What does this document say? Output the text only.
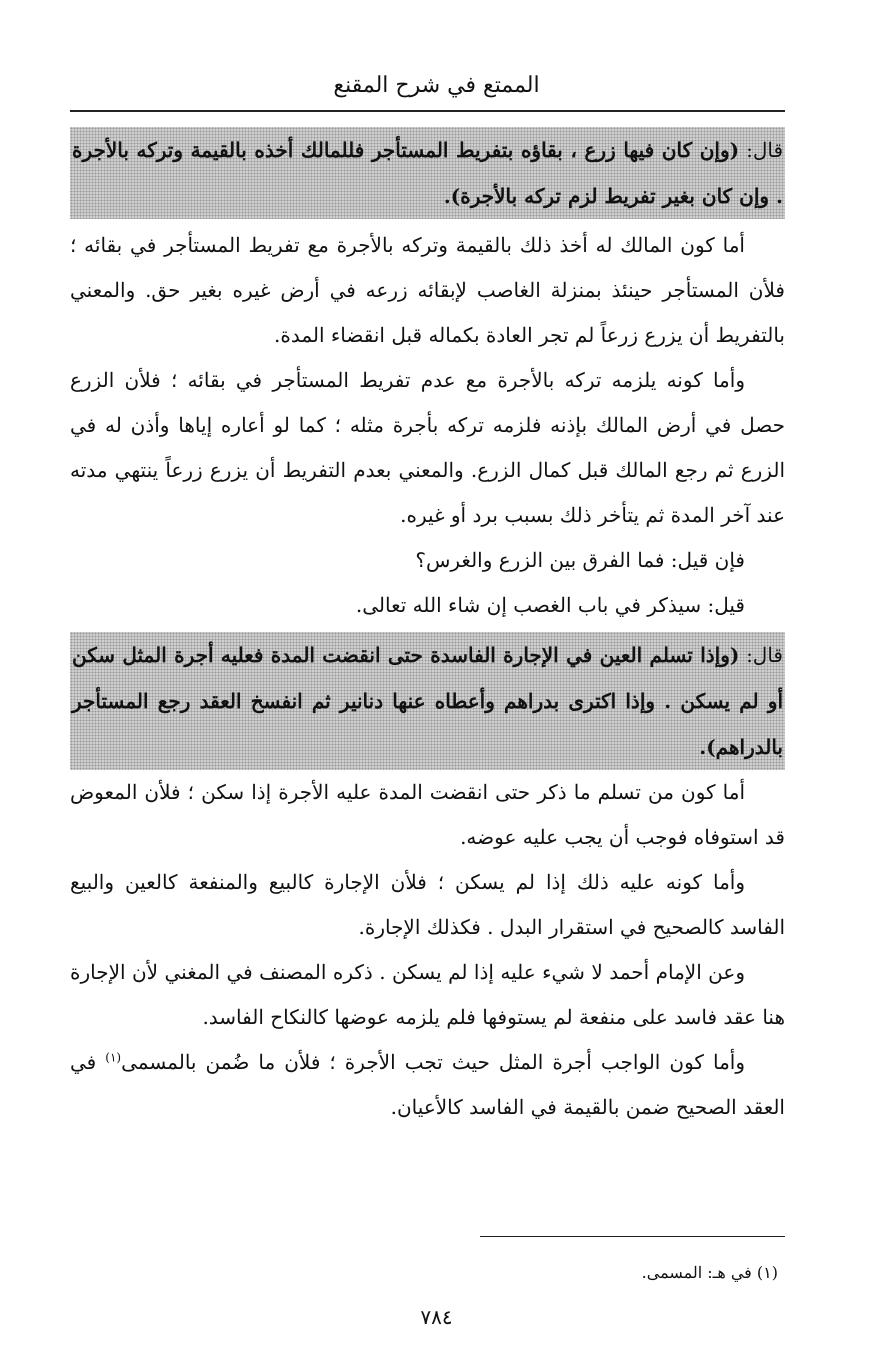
الممتع في شرح المقنع
قال: (وإن كان فيها زرع ، بقاؤه بتفريط المستأجر فللمالك أخذه بالقيمة وتركه بالأجرة . وإن كان بغير تفريط لزم تركه بالأجرة).

أما كون المالك له أخذ ذلك بالقيمة وتركه بالأجرة مع تفريط المستأجر في بقائه ؛ فلأن المستأجر حينئذ بمنزلة الغاصب لإبقائه زرعه في أرض غيره بغير حق. والمعني بالتفريط أن يزرع زرعاً لم تجر العادة بكماله قبل انقضاء المدة.

وأما كونه يلزمه تركه بالأجرة مع عدم تفريط المستأجر في بقائه ؛ فلأن الزرع حصل في أرض المالك بإذنه فلزمه تركه بأجرة مثله ؛ كما لو أعاره إياها وأذن له في الزرع ثم رجع المالك قبل كمال الزرع. والمعني بعدم التفريط أن يزرع زرعاً ينتهي مدته عند آخر المدة ثم يتأخر ذلك بسبب برد أو غيره.

فإن قيل: فما الفرق بين الزرع والغرس؟

قيل: سيذكر في باب الغصب إن شاء الله تعالى.

قال: (وإذا تسلم العين في الإجارة الفاسدة حتى انقضت المدة فعليه أجرة المثل سكن أو لم يسكن . وإذا اكترى بدراهم وأعطاه عنها دنانير ثم انفسخ العقد رجع المستأجر بالدراهم).

أما كون من تسلم ما ذكر حتى انقضت المدة عليه الأجرة إذا سكن ؛ فلأن المعوض قد استوفاه فوجب أن يجب عليه عوضه.

وأما كونه عليه ذلك إذا لم يسكن ؛ فلأن الإجارة كالبيع والمنفعة كالعين والبيع الفاسد كالصحيح في استقرار البدل . فكذلك الإجارة.

وعن الإمام أحمد لا شيء عليه إذا لم يسكن . ذكره المصنف في المغني لأن الإجارة هنا عقد فاسد على منفعة لم يستوفها فلم يلزمه عوضها كالنكاح الفاسد.

وأما كون الواجب أجرة المثل حيث تجب الأجرة ؛ فلأن ما ضُمن بالمسمى$^{(١)}$ في العقد الصحيح ضمن بالقيمة في الفاسد كالأعيان.

(١) في هـ: المسمى.
٧٨٤
